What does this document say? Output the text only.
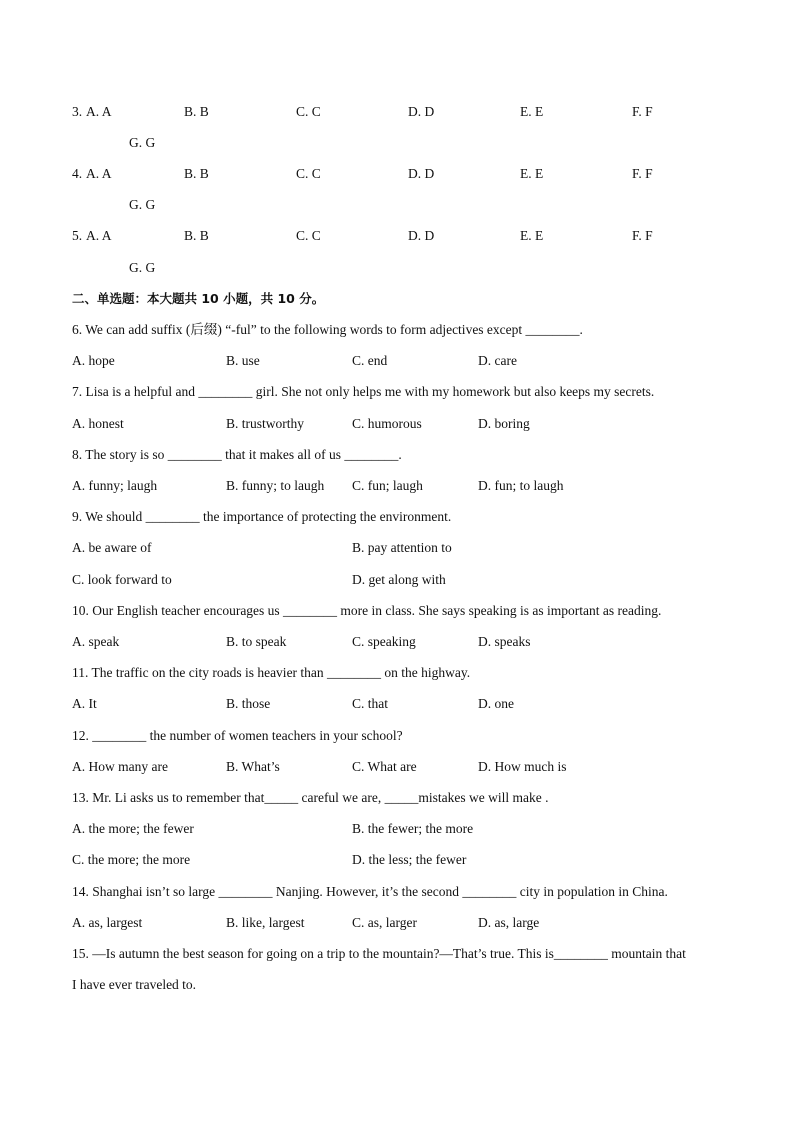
3. A. A	B. B	C. C	D. D	E. E	F. F
G. G
4. A. A	B. B	C. C	D. D	E. E	F. F
G. G
5. A. A	B. B	C. C	D. D	E. E	F. F
G. G
二、单选题：本大题共 10 小题，共 10 分。
6. We can add suffix (后缀) “-ful” to the following words to form adjectives except ________.
A. hope	B. use	C. end	D. care
7. Lisa is a helpful and ________ girl. She not only helps me with my homework but also keeps my secrets.
A. honest	B. trustworthy	C. humorous	D. boring
8. The story is so ________ that it makes all of us ________.
A. funny; laugh	B. funny; to laugh C. fun; laugh	D. fun; to laugh
9. We should ________ the importance of protecting the environment.
A. be aware of	B. pay attention to
C. look forward to	D. get along with
10. Our English teacher encourages us ________ more in class. She says speaking is as important as reading.
A. speak	B. to speak	C. speaking	D. speaks
11. The traffic on the city roads is heavier than ________ on the highway.
A. It	B. those	C. that	D. one
12. ________ the number of women teachers in your school?
A. How many are	B. What’s	C. What are	D. How much is
13. Mr. Li asks us to remember that_____ careful we are, _____mistakes we will make .
A. the more; the fewer	B. the fewer; the more
C. the more; the more	D. the less; the fewer
14. Shanghai isn’t so large ________ Nanjing. However, it’s the second ________ city in population in China.
A. as, largest	B. like, largest	C. as, larger	D. as, large
15. —Is autumn the best season for going on a trip to the mountain?—That’s true. This is________ mountain that
I have ever traveled to.
